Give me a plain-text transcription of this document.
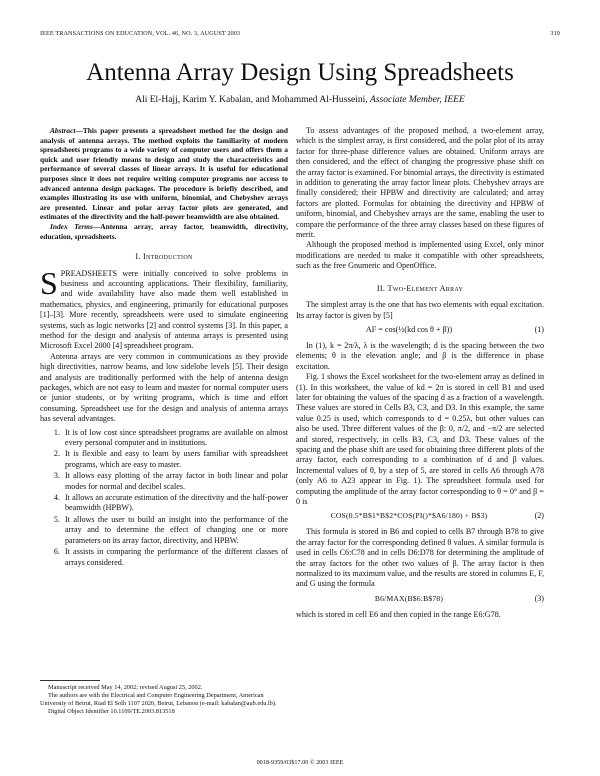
IEEE TRANSACTIONS ON EDUCATION, VOL. 46, NO. 3, AUGUST 2003	319
Antenna Array Design Using Spreadsheets
Ali El-Hajj, Karim Y. Kabalan, and Mohammed Al-Husseini, Associate Member, IEEE

Abstract—This paper presents a spreadsheet method for the design and analysis of antenna arrays. The method exploits the familiarity of modern spreadsheets programs to a wide variety of computer users and offers them a quick and user friendly means to design and study the characteristics and performance of several classes of linear arrays. It is useful for educational purposes since it does not require writing computer programs nor access to advanced antenna design packages. The procedure is briefly described, and examples illustrating its use with uniform, binomial, and Chebyshev arrays are presented. Linear and polar array factor plots are generated, and estimates of the directivity and the half-power beamwidth are also obtained.

Index Terms—Antenna array, array factor, beamwidth, directivity, education, spreadsheets.

I. Introduction

SPREADSHEETS were initially conceived to solve problems in business and accounting applications. Their flexibility, familiarity, and wide availability have also made them well established in mathematics, physics, and engineering, primarily for educational purposes [1]–[3]. More recently, spreadsheets were used to simulate engineering systems, such as logic networks [2] and control systems [3]. In this paper, a method for the design and analysis of antenna arrays is presented using Microsoft Excel 2000 [4] spreadsheet program.

Antenna arrays are very common in communications as they provide high directivities, narrow beams, and low sidelobe levels [5]. Their design and analysis are traditionally performed with the help of antenna design packages, which are not easy to learn and master for normal computer users or junior students, or by writing programs, which is time and effort consuming. Spreadsheet use for the design and analysis of antenna arrays has several advantages.

1. It is of low cost since spreadsheet programs are available on almost every personal computer and in institutions.
2. It is flexible and easy to learn by users familiar with spreadsheet programs, which are easy to master.
3. It allows easy plotting of the array factor in both linear and polar modes for normal and decibel scales.
4. It allows an accurate estimation of the directivity and the half-power beamwidth (HPBW).
5. It allows the user to build an insight into the performance of the array and to determine the effect of changing one or more parameters on its array factor, directivity, and HPBW.
6. It assists in comparing the performance of the different classes of arrays considered.

Manuscript received May 14, 2002; revised August 25, 2002.

The authors are with the Electrical and Computer Engineering Department, American University of Beirut, Riad El Solh 1107 2020, Beirut, Lebanon (e-mail: kabalan@aub.edu.lb).

Digital Object Identifier 10.1109/TE.2003.813518

To assess advantages of the proposed method, a two-element array, which is the simplest array, is first considered, and the polar plot of its array factor for three-phase difference values are obtained. Uniform arrays are then considered, and the effect of changing the progressive phase shift on the array factor is examined. For binomial arrays, the directivity is estimated in addition to generating the array factor linear plots. Chebyshev arrays are finally considered; their HPBW and directivity are calculated; and array factors are plotted. Formulas for obtaining the directivity and HPBW of uniform, binomial, and Chebyshev arrays are the same, enabling the user to compare the performance of the three array classes based on these figures of merit.

Although the proposed method is implemented using Excel, only minor modifications are needed to make it compatible with other spreadsheets, such as the free Gnumeric and OpenOffice.

II. Two-Element Array

The simplest array is the one that has two elements with equal excitation. Its array factor is given by [5]

AF = cos(½(kd cos θ + β))	(1)

In (1), k = 2π/λ, λ is the wavelength; d is the spacing between the two elements; θ is the elevation angle; and β is the difference in phase excitation.

Fig. 1 shows the Excel worksheet for the two-element array as defined in (1). In this worksheet, the value of kd = 2π is stored in cell B1 and used later for obtaining the values of the spacing d as a fraction of a wavelength. These values are stored in Cells B3, C3, and D3. In this example, the same value 0.25 is used, which corresponds to d = 0.25λ, but other values can also be used. Three different values of the β: 0, π/2, and −π/2 are selected and stored, respectively, in cells B3, C3, and D3. These values of the spacing and the phase shift are used for obtaining three different plots of the array factor, each corresponding to a combination of d and β values. Incremental values of θ, by a step of 5, are stored in cells A6 through A78 (only A6 to A23 appear in Fig. 1). The spreadsheet formula used for computing the amplitude of the array factor corresponding to θ = 0° and β = 0 is

COS(0.5*B$1*B$2*COS(PI()*$A6/180) + B$3)	(2)

This formula is stored in B6 and copied to cells B7 through B78 to give the array factor for the corresponding defined θ values. A similar formula is used in cells C6:C78 and in cells D6:D78 for determining the amplitude of the array factors for the other two values of β. The array factor is then normalized to its maximum value, and the results are stored in columns E, F, and G using the formula

B6/MAX(B$6:B$78)	(3)

which is stored in cell E6 and then copied in the range E6:G78.

0018-9359/03$17.00 © 2003 IEEE
